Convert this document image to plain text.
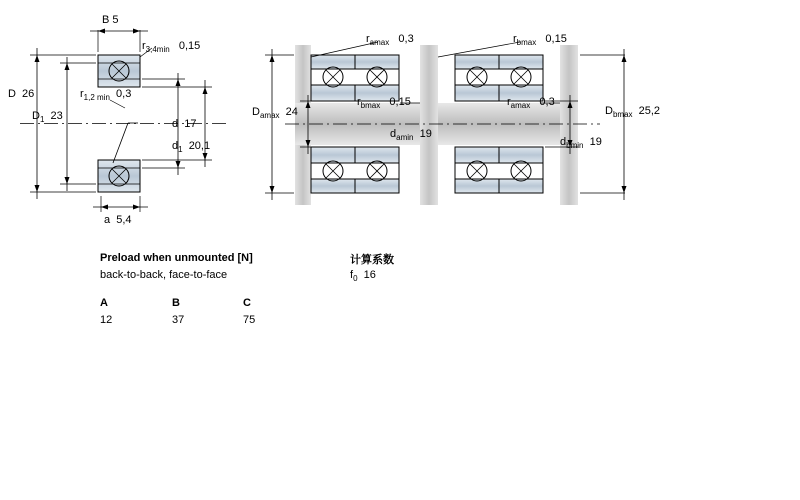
B 5
$r_{3,4min}$   0,15
D  26	$r_{1,2 min}$  0,3
$D_1$  23
d  17
$d_1$  20,1
a  5,4
$r_{amax}$   0,3	$r_{bmax}$   0,15
$D_{amax}$  24
$r_{bmax}$   0,15	$r_{amax}$   0,3
$d_{amin}$  19
$D_{bmax}$  25,2
$d_{bmin}$  19
Preload when unmounted [N]
back-to-back, face-to-face
A	B	C
12	37	75
计算系数
$f_0$  16
